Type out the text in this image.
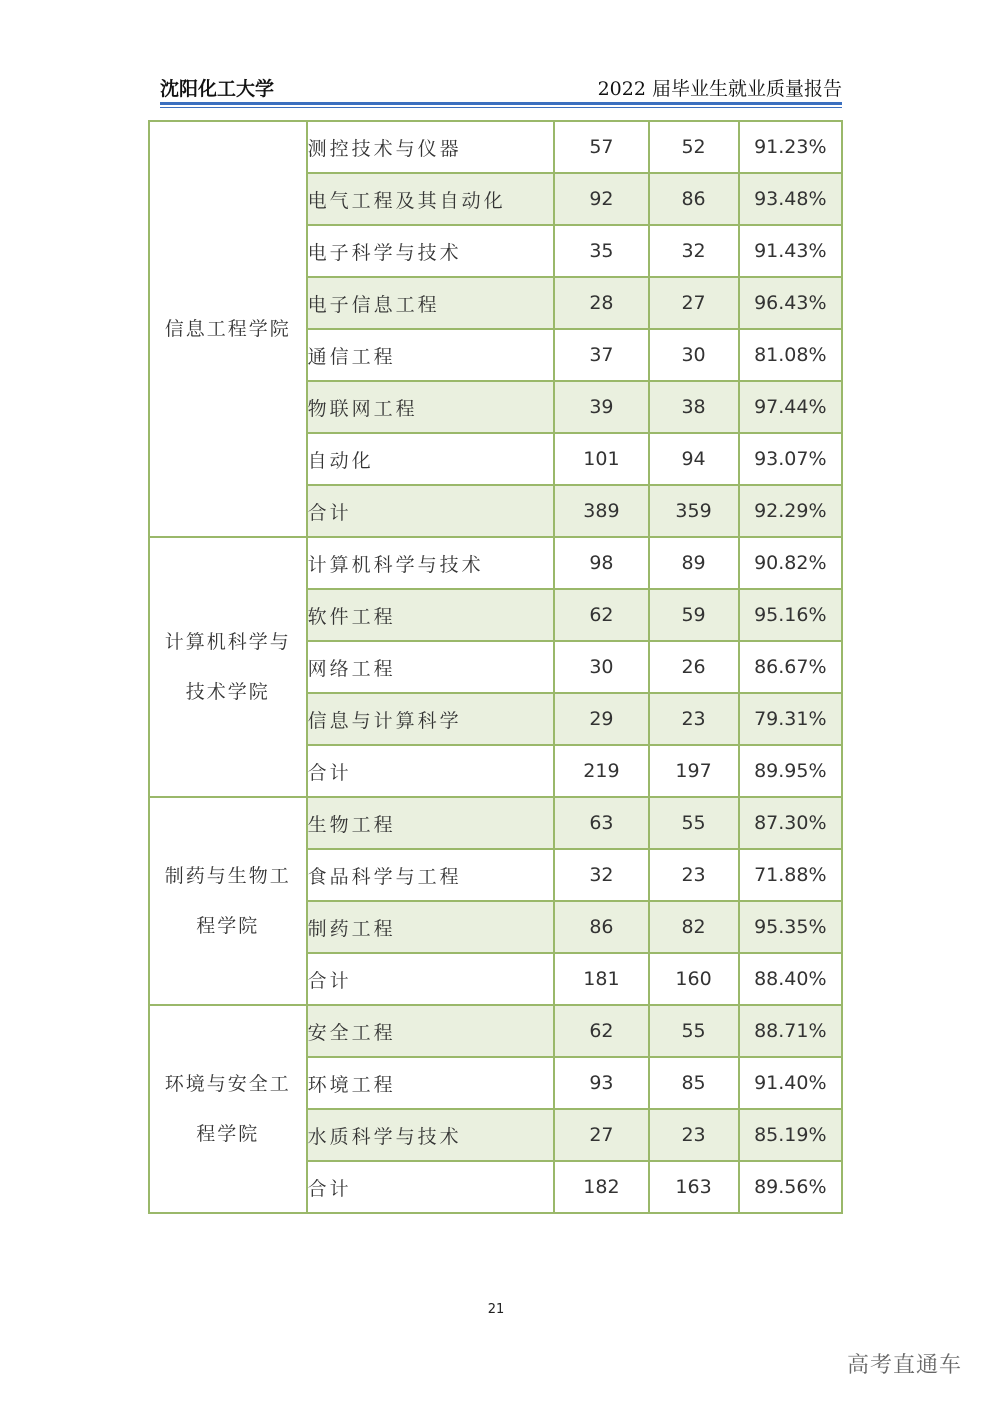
沈阳化工大学	2022 届毕业生就业质量报告
信息工程学院	测控技术与仪器	57	52	91.23%
	电气工程及其自动化	92	86	93.48%
	电子科学与技术	35	32	91.43%
	电子信息工程	28	27	96.43%
	通信工程	37	30	81.08%
	物联网工程	39	38	97.44%
	自动化	101	94	93.07%
	合计	389	359	92.29%
计算机科学与
技术学院	计算机科学与技术	98	89	90.82%
	软件工程	62	59	95.16%
	网络工程	30	26	86.67%
	信息与计算科学	29	23	79.31%
	合计	219	197	89.95%
制药与生物工
程学院	生物工程	63	55	87.30%
	食品科学与工程	32	23	71.88%
	制药工程	86	82	95.35%
	合计	181	160	88.40%
环境与安全工
程学院	安全工程	62	55	88.71%
	环境工程	93	85	91.40%
	水质科学与技术	27	23	85.19%
	合计	182	163	89.56%
21
高考直通车
